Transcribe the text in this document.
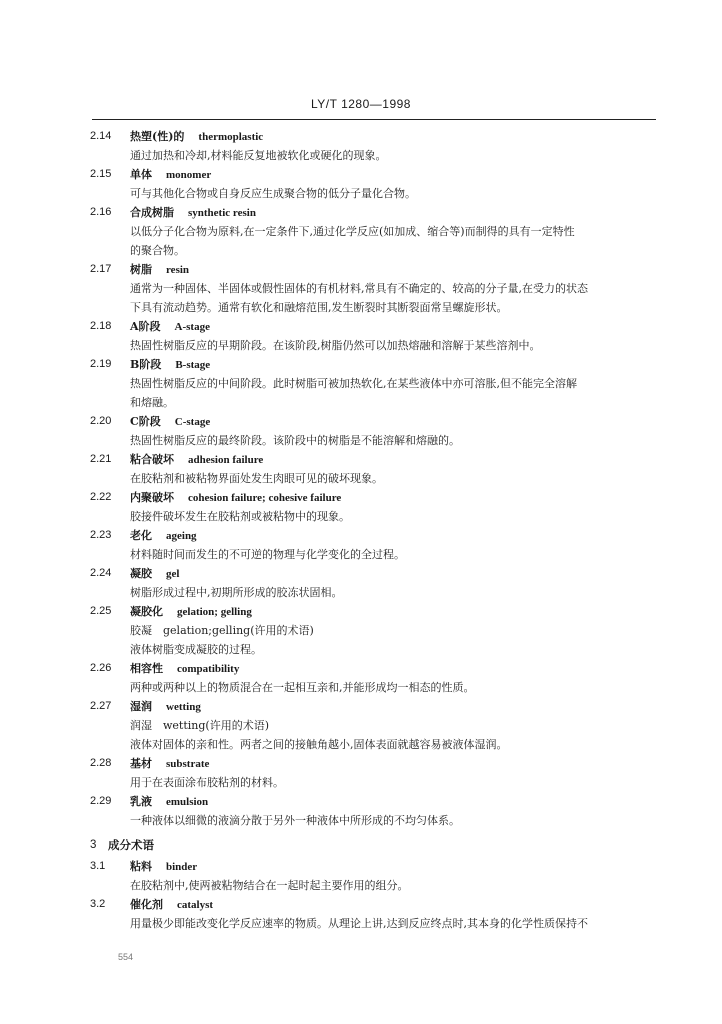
LY/T 1280—1998
2.14 热塑(性)的 thermoplastic
通过加热和冷却,材料能反复地被软化或硬化的现象。
2.15 单体 monomer
可与其他化合物或自身反应生成聚合物的低分子量化合物。
2.16 合成树脂 synthetic resin
以低分子化合物为原料,在一定条件下,通过化学反应(如加成、缩合等)而制得的具有一定特性
的聚合物。
2.17 树脂 resin
通常为一种固体、半固体或假性固体的有机材料,常具有不确定的、较高的分子量,在受力的状态
下具有流动趋势。通常有软化和融熔范围,发生断裂时其断裂面常呈螺旋形状。
2.18 A阶段 A-stage
热固性树脂反应的早期阶段。在该阶段,树脂仍然可以加热熔融和溶解于某些溶剂中。
2.19 B阶段 B-stage
热固性树脂反应的中间阶段。此时树脂可被加热软化,在某些液体中亦可溶胀,但不能完全溶解
和熔融。
2.20 C阶段 C-stage
热固性树脂反应的最终阶段。该阶段中的树脂是不能溶解和熔融的。
2.21 粘合破坏 adhesion failure
在胶粘剂和被粘物界面处发生肉眼可见的破坏现象。
2.22 内聚破坏 cohesion failure; cohesive failure
胶接件破坏发生在胶粘剂或被粘物中的现象。
2.23 老化 ageing
材料随时间而发生的不可逆的物理与化学变化的全过程。
2.24 凝胶 gel
树脂形成过程中,初期所形成的胶冻状固相。
2.25 凝胶化 gelation; gelling
胶凝　gelation;gelling(许用的术语)
液体树脂变成凝胶的过程。
2.26 相容性 compatibility
两种或两种以上的物质混合在一起相互亲和,并能形成均一相态的性质。
2.27 湿润 wetting
润湿　wetting(许用的术语)
液体对固体的亲和性。两者之间的接触角越小,固体表面就越容易被液体湿润。
2.28 基材 substrate
用于在表面涂布胶粘剂的材料。
2.29 乳液 emulsion
一种液体以细微的液滴分散于另外一种液体中所形成的不均匀体系。
3 成分术语
3.1 粘料 binder
在胶粘剂中,使两被粘物结合在一起时起主要作用的组分。
3.2 催化剂 catalyst
用量极少即能改变化学反应速率的物质。从理论上讲,达到反应终点时,其本身的化学性质保持不
554
